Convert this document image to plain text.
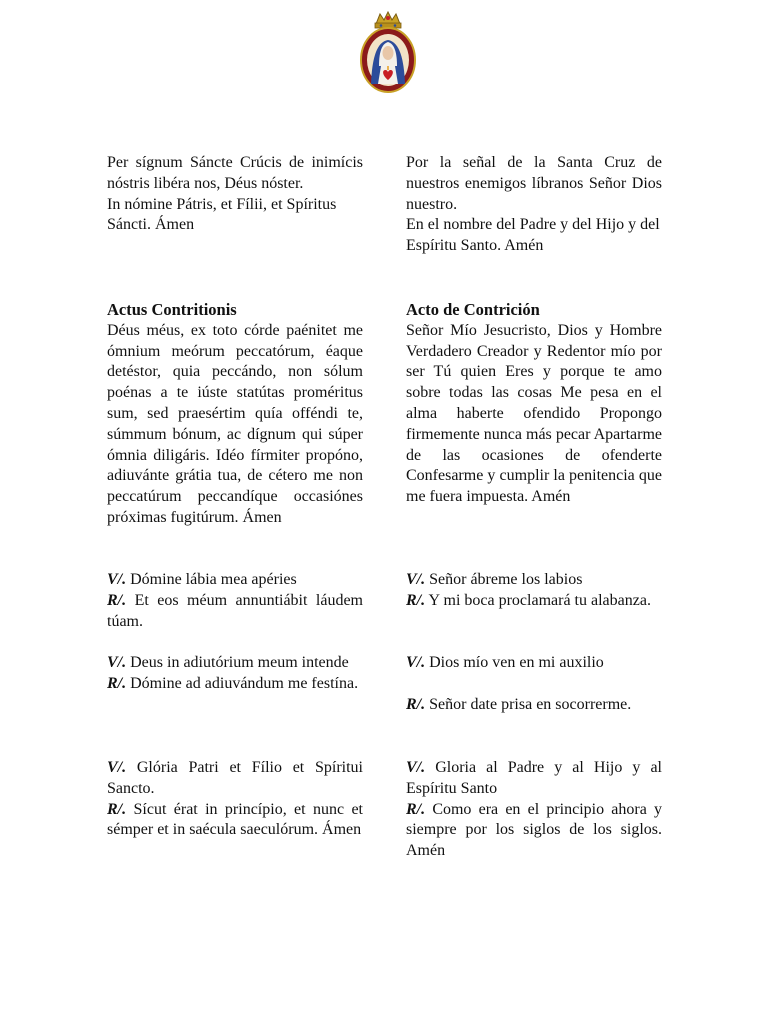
Per sígnum Sáncte Crúcis de inimícis nóstris libéra nos, Déus nóster.
In nómine Pátris, et Fílii, et Spíritus Sáncti. Ámen
Actus Contritionis
Déus méus, ex toto córde paénitet me ómnium meórum peccatórum, éaque detéstor, quia peccándo, non sólum poénas a te iúste statútas proméritus sum, sed praesértim quía offéndi te, súmmum bónum, ac dígnum qui súper ómnia diligáris. Idéo fírmiter propóno, adiuvánte grátia tua, de cétero me non peccatúrum peccandíque occasiónes próximas fugitúrum. Ámen
V/. Dómine lábia mea apéries
R/. Et eos méum annuntiábit láudem túam.
V/. Deus in adiutórium meum intende
R/. Dómine ad adiuvándum me festína.
V/. Glória Patri et Fílio et Spíritui Sancto.
R/. Sícut érat in princípio, et nunc et sémper et in saécula saeculórum. Ámen
Por la señal de la Santa Cruz de nuestros enemigos líbranos Señor Dios nuestro.
En el nombre del Padre y del Hijo y del Espíritu Santo. Amén
Acto de Contrición
Señor Mío Jesucristo, Dios y Hombre Verdadero Creador y Redentor mío por ser Tú quien Eres y porque te amo sobre todas las cosas Me pesa en el alma haberte ofendido Propongo firmemente nunca más pecar Apartarme de las ocasiones de ofenderte Confesarme y cumplir la penitencia que me fuera impuesta. Amén
V/. Señor ábreme los labios
R/. Y mi boca proclamará tu alabanza.
V/. Dios mío ven en mi auxilio
R/. Señor date prisa en socorrerme.
V/. Gloria al Padre y al Hijo y al Espíritu Santo
R/. Como era en el principio ahora y siempre por los siglos de los siglos. Amén
